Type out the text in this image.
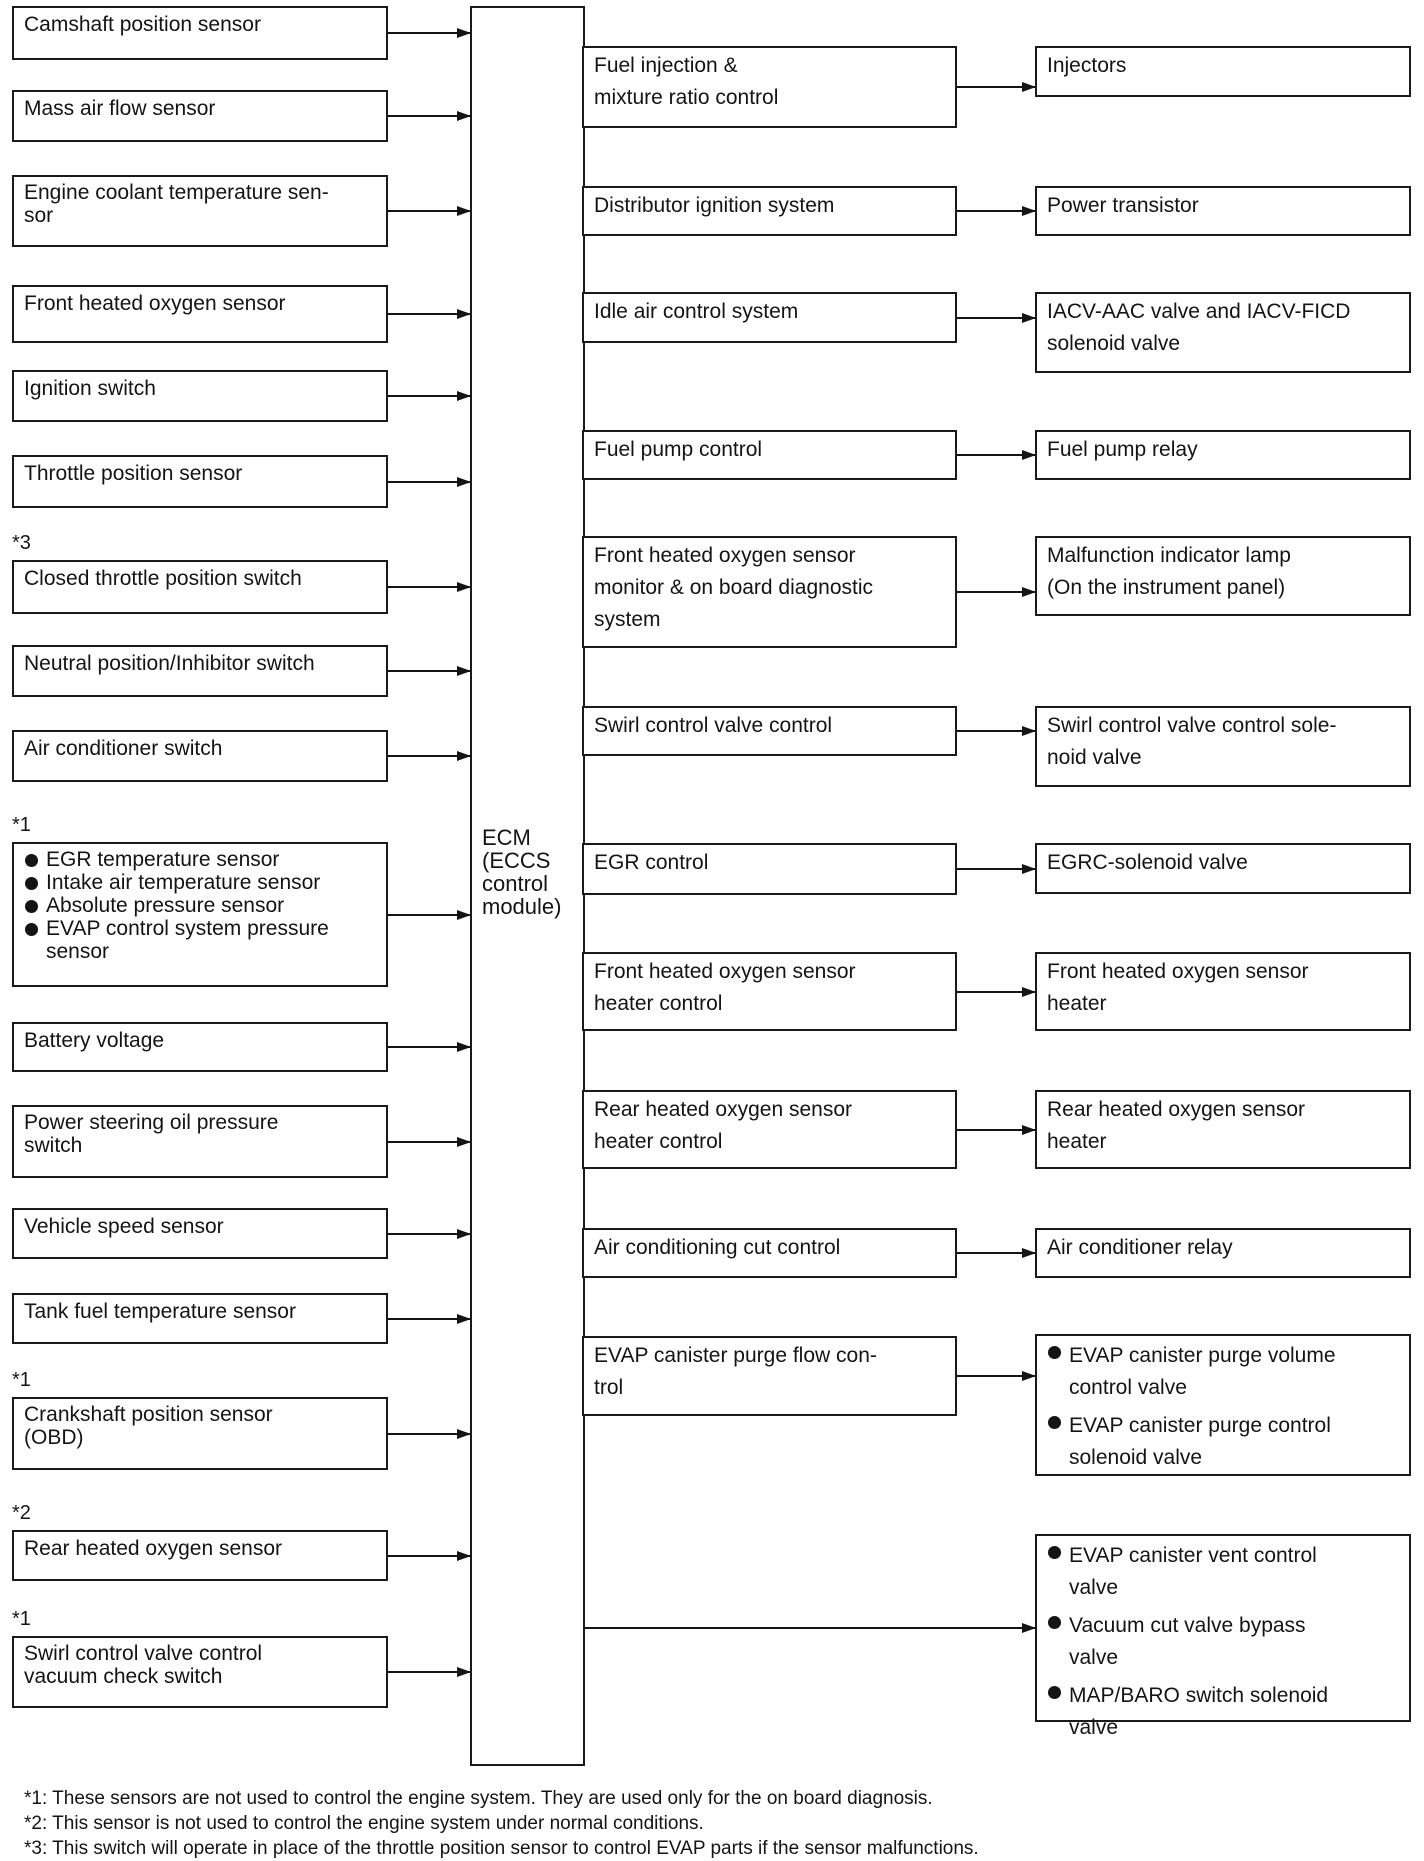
ECM
(ECCS
control
module)
Camshaft position sensor
Mass air flow sensor
Engine coolant temperature sen-
sor
Front heated oxygen sensor
Ignition switch
Throttle position sensor
Closed throttle position switch
*3
Neutral position/Inhibitor switch
Air conditioner switch
EGR temperature sensor
Intake air temperature sensor
Absolute pressure sensor
EVAP control system pressure
sensor
*1
Battery voltage
Power steering oil pressure
switch
Vehicle speed sensor
Tank fuel temperature sensor
Crankshaft position sensor
(OBD)
*1
Rear heated oxygen sensor
*2
Swirl control valve control
vacuum check switch
*1
Fuel injection &
mixture ratio control
Distributor ignition system
Idle air control system
Fuel pump control
Front heated oxygen sensor
monitor & on board diagnostic
system
Swirl control valve control
EGR control
Front heated oxygen sensor
heater control
Rear heated oxygen sensor
heater control
Air conditioning cut control
EVAP canister purge flow con-
trol
Injectors
Power transistor
IACV-AAC valve and IACV-FICD
solenoid valve
Fuel pump relay
Malfunction indicator lamp
(On the instrument panel)
Swirl control valve control sole-
noid valve
EGRC-solenoid valve
Front heated oxygen sensor
heater
Rear heated oxygen sensor
heater
Air conditioner relay
EVAP canister purge volume
control valve
EVAP canister purge control
solenoid valve
EVAP canister vent control
valve
Vacuum cut valve bypass
valve
MAP/BARO switch solenoid
valve
*1: These sensors are not used to control the engine system. They are used only for the on board diagnosis.
*2: This sensor is not used to control the engine system under normal conditions.
*3: This switch will operate in place of the throttle position sensor to control EVAP parts if the sensor malfunctions.
